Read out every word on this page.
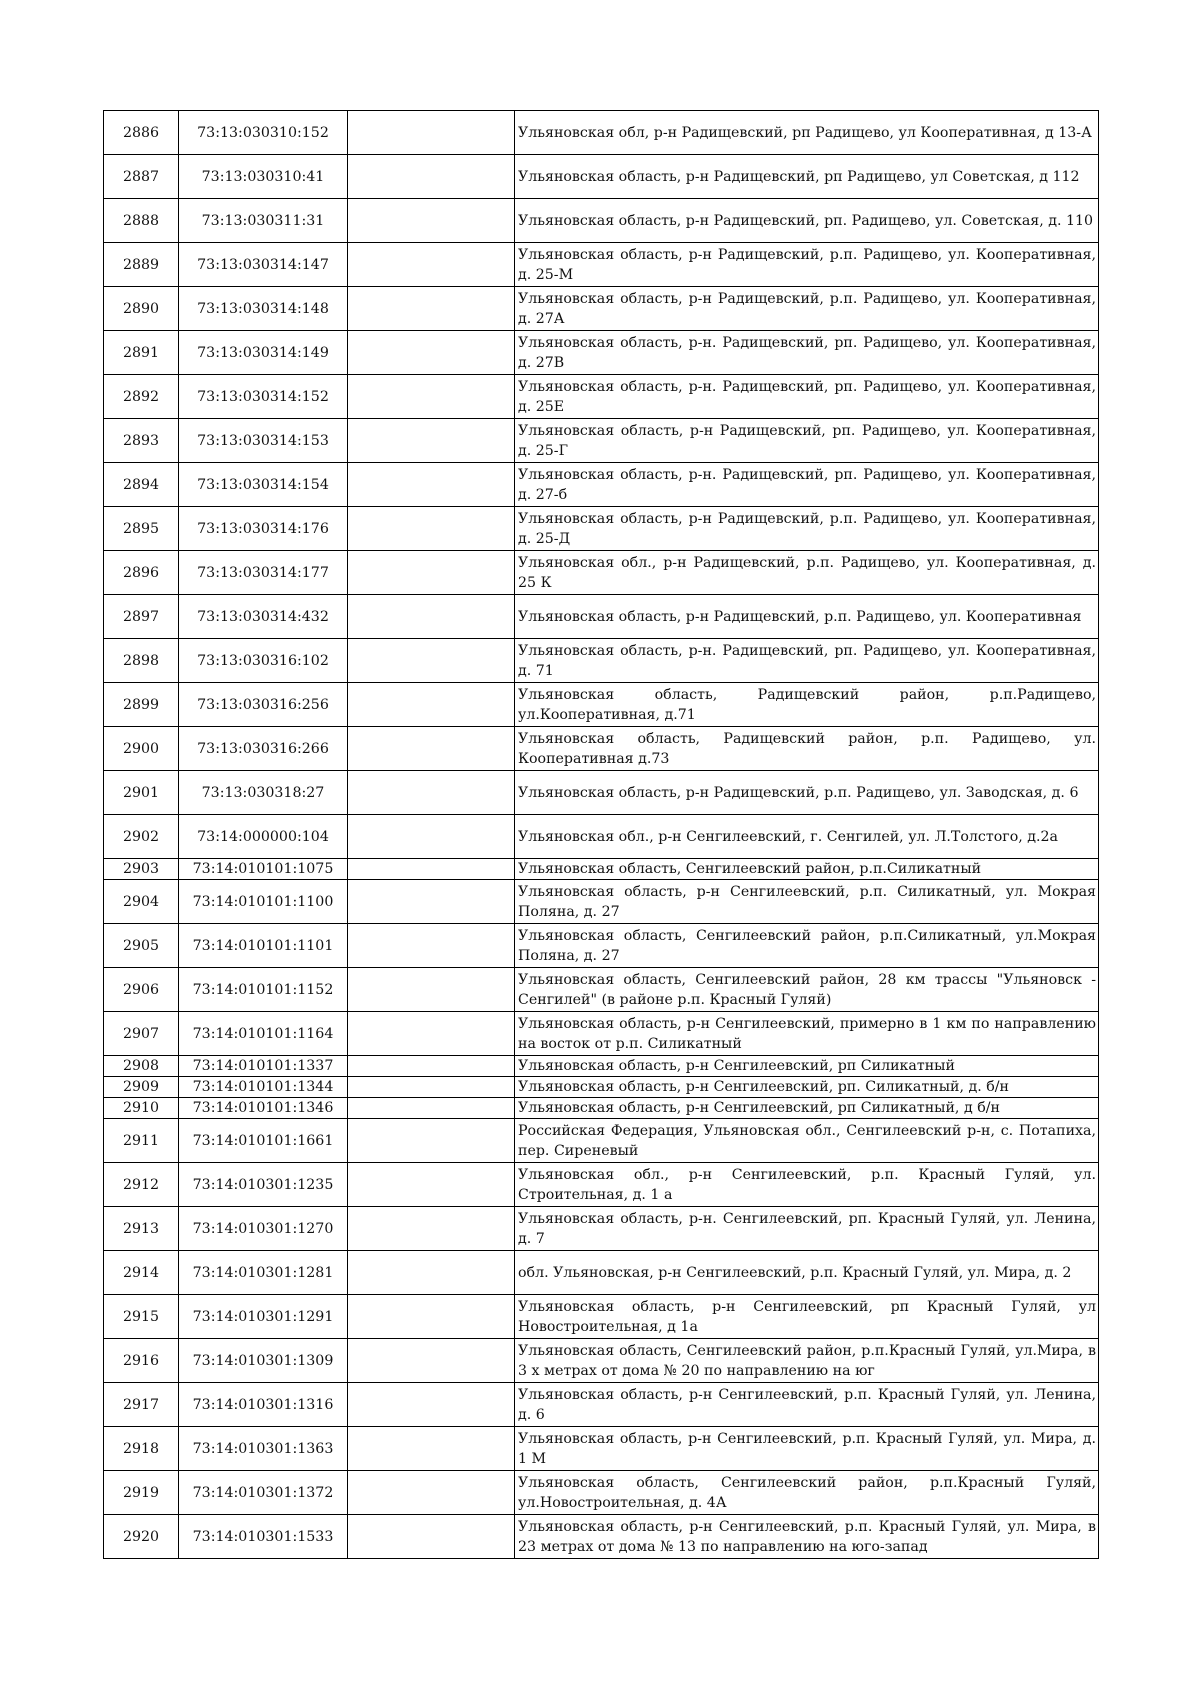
2886	73:13:030310:152		Ульяновская обл, р-н Радищевский, рп Радищево, ул Кооперативная, д 13-А
2887	73:13:030310:41		Ульяновская область, р-н Радищевский, рп Радищево, ул Советская, д 112
2888	73:13:030311:31		Ульяновская область, р-н Радищевский, рп. Радищево, ул. Советская, д. 110
2889	73:13:030314:147		Ульяновская область, р-н Радищевский, р.п. Радищево, ул. Кооперативная, д. 25-М
2890	73:13:030314:148		Ульяновская область, р-н Радищевский, р.п. Радищево, ул. Кооперативная, д. 27А
2891	73:13:030314:149		Ульяновская область, р-н. Радищевский, рп. Радищево, ул. Кооперативная, д. 27В
2892	73:13:030314:152		Ульяновская область, р-н. Радищевский, рп. Радищево, ул. Кооперативная, д. 25Е
2893	73:13:030314:153		Ульяновская область, р-н Радищевский, рп. Радищево, ул. Кооперативная, д. 25-Г
2894	73:13:030314:154		Ульяновская область, р-н. Радищевский, рп. Радищево, ул. Кооперативная, д. 27-б
2895	73:13:030314:176		Ульяновская область, р-н Радищевский, р.п. Радищево, ул. Кооперативная, д. 25-Д
2896	73:13:030314:177		Ульяновская обл., р-н Радищевский, р.п. Радищево, ул. Кооперативная, д. 25 К
2897	73:13:030314:432		Ульяновская область, р-н Радищевский, р.п. Радищево, ул. Кооперативная
2898	73:13:030316:102		Ульяновская область, р-н. Радищевский, рп. Радищево, ул. Кооперативная, д. 71
2899	73:13:030316:256		Ульяновская область, Радищевский район, р.п.Радищево, ул.Кооперативная, д.71
2900	73:13:030316:266		Ульяновская область, Радищевский район, р.п. Радищево, ул. Кооперативная д.73
2901	73:13:030318:27		Ульяновская область, р-н Радищевский, р.п. Радищево, ул. Заводская, д. 6
2902	73:14:000000:104		Ульяновская обл., р-н Сенгилеевский, г. Сенгилей, ул. Л.Толстого, д.2а
2903	73:14:010101:1075		Ульяновская область, Сенгилеевский район, р.п.Силикатный
2904	73:14:010101:1100		Ульяновская область, р-н Сенгилеевский, р.п. Силикатный, ул. Мокрая Поляна, д. 27
2905	73:14:010101:1101		Ульяновская область, Сенгилеевский район, р.п.Силикатный, ул.Мокрая Поляна, д. 27
2906	73:14:010101:1152		Ульяновская область, Сенгилеевский район, 28 км трассы "Ульяновск - Сенгилей" (в районе р.п. Красный Гуляй)
2907	73:14:010101:1164		Ульяновская область, р-н Сенгилеевский, примерно в 1 км по направлению на восток от р.п. Силикатный
2908	73:14:010101:1337		Ульяновская область, р-н Сенгилеевский, рп Силикатный
2909	73:14:010101:1344		Ульяновская область, р-н Сенгилеевский, рп. Силикатный, д. б/н
2910	73:14:010101:1346		Ульяновская область, р-н Сенгилеевский, рп Силикатный, д б/н
2911	73:14:010101:1661		Российская Федерация, Ульяновская обл., Сенгилеевский р-н, с. Потапиха, пер. Сиреневый
2912	73:14:010301:1235		Ульяновская обл., р-н Сенгилеевский, р.п. Красный Гуляй, ул. Строительная, д. 1 а
2913	73:14:010301:1270		Ульяновская область, р-н. Сенгилеевский, рп. Красный Гуляй, ул. Ленина, д. 7
2914	73:14:010301:1281		обл. Ульяновская, р-н Сенгилеевский, р.п. Красный Гуляй, ул. Мира, д. 2
2915	73:14:010301:1291		Ульяновская область, р-н Сенгилеевский, рп Красный Гуляй, ул Новостроительная, д 1а
2916	73:14:010301:1309		Ульяновская область, Сенгилеевский район, р.п.Красный Гуляй, ул.Мира, в 3 х метрах от дома № 20 по направлению на юг
2917	73:14:010301:1316		Ульяновская область, р-н Сенгилеевский, р.п. Красный Гуляй, ул. Ленина, д. 6
2918	73:14:010301:1363		Ульяновская область, р-н Сенгилеевский, р.п. Красный Гуляй, ул. Мира, д. 1 М
2919	73:14:010301:1372		Ульяновская область, Сенгилеевский район, р.п.Красный Гуляй, ул.Новостроительная, д. 4А
2920	73:14:010301:1533		Ульяновская область, р-н Сенгилеевский, р.п. Красный Гуляй, ул. Мира, в 23 метрах от дома № 13 по направлению на юго-запад
